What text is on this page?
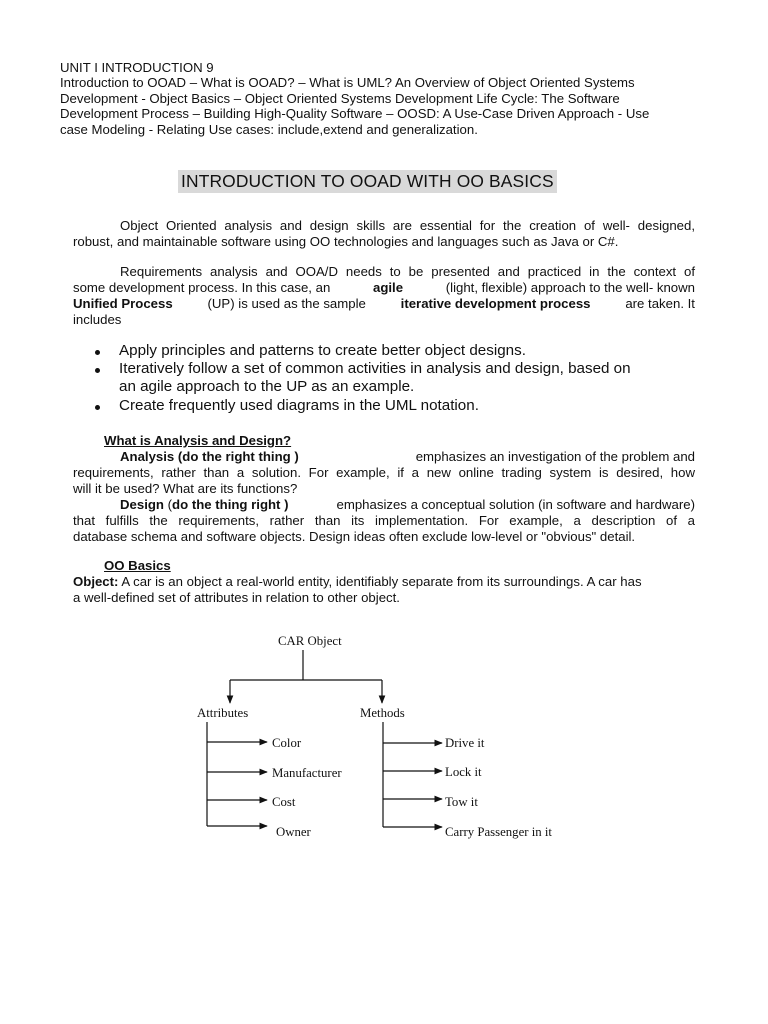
UNIT I INTRODUCTION 9
Introduction to OOAD – What is OOAD? – What is UML? An Overview of Object Oriented Systems
Development - Object Basics – Object Oriented Systems Development Life Cycle: The Software
Development Process – Building High-Quality Software – OOSD: A Use-Case Driven Approach - Use
case Modeling - Relating Use cases: include,extend and generalization.
INTRODUCTION TO OOAD WITH OO BASICS
Object Oriented analysis and design skills are essential for the creation of well- designed,
robust, and maintainable software using OO technologies and languages such as Java or C#.
Requirements analysis and OOA/D needs to be presented and practiced in the context of
some development process. In this case, an	agile	(light, flexible) approach to the well- known
Unified Process	(UP) is used as the sample	iterative development process	are taken. It
includes
Apply principles and patterns to create better object designs.
Iteratively follow a set of common activities in analysis and design, based on
an agile approach to the UP as an example.
Create frequently used diagrams in the UML notation.
What is Analysis and Design?
Analysis (do the right thing )	emphasizes an investigation of the problem and
requirements, rather than a solution. For example, if a new online trading system is desired, how
will it be used? What are its functions?
Design (do the thing right )	emphasizes a conceptual solution (in software and hardware)
that fulfills the requirements, rather than its implementation. For example, a description of a
database schema and software objects. Design ideas often exclude low-level or "obvious" detail.
OO Basics
Object: A car is an object a real-world entity, identifiably separate from its surroundings. A car has
a well-defined set of attributes in relation to other object.
CAR Object
Attributes	Methods
Color
Manufacturer
Cost
Owner
Drive it
Lock it
Tow it
Carry Passenger in it
